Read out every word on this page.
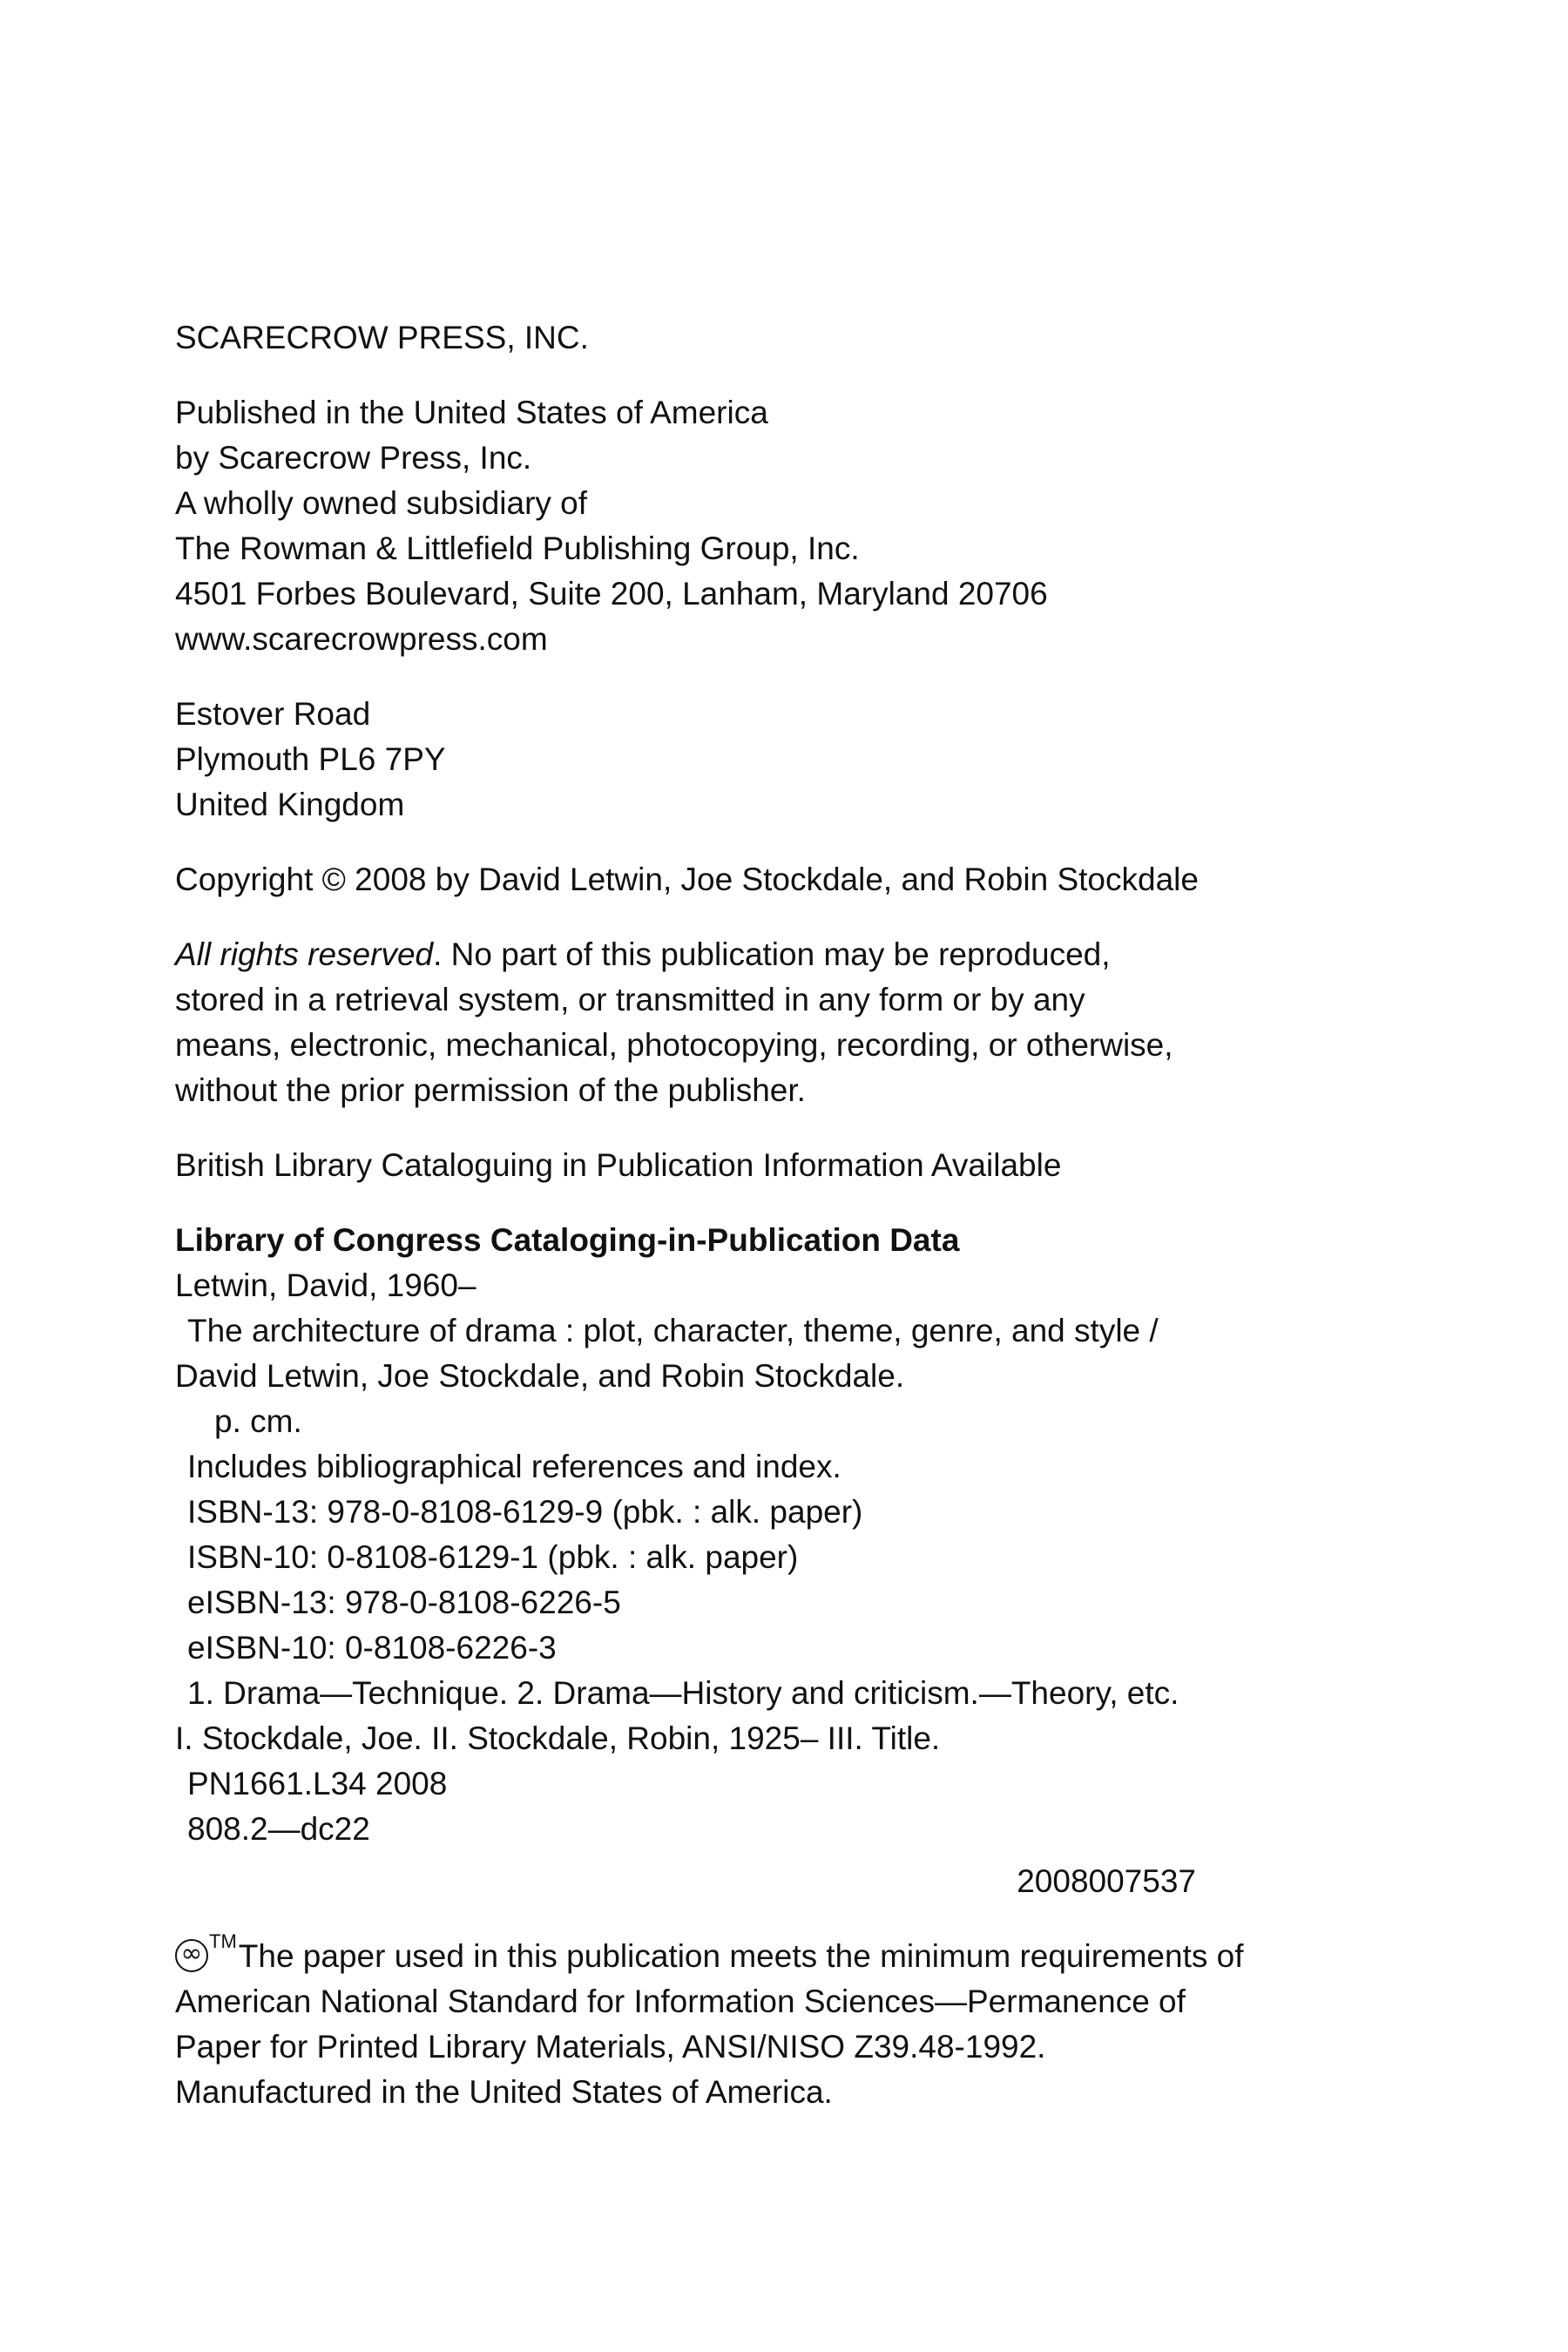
SCARECROW PRESS, INC.
Published in the United States of America
by Scarecrow Press, Inc.
A wholly owned subsidiary of
The Rowman & Littlefield Publishing Group, Inc.
4501 Forbes Boulevard, Suite 200, Lanham, Maryland 20706
www.scarecrowpress.com
Estover Road
Plymouth PL6 7PY
United Kingdom
Copyright © 2008 by David Letwin, Joe Stockdale, and Robin Stockdale
All rights reserved. No part of this publication may be reproduced,
stored in a retrieval system, or transmitted in any form or by any
means, electronic, mechanical, photocopying, recording, or otherwise,
without the prior permission of the publisher.
British Library Cataloguing in Publication Information Available
Library of Congress Cataloging-in-Publication Data
Letwin, David, 1960–
The architecture of drama : plot, character, theme, genre, and style /
David Letwin, Joe Stockdale, and Robin Stockdale.
p. cm.
Includes bibliographical references and index.
ISBN-13: 978-0-8108-6129-9 (pbk. : alk. paper)
ISBN-10: 0-8108-6129-1 (pbk. : alk. paper)
eISBN-13: 978-0-8108-6226-5
eISBN-10: 0-8108-6226-3
1. Drama—Technique. 2. Drama—History and criticism.—Theory, etc.
I. Stockdale, Joe. II. Stockdale, Robin, 1925– III. Title.
PN1661.L34 2008
808.2—dc22
2008007537
∞ ™The paper used in this publication meets the minimum requirements of
American National Standard for Information Sciences—Permanence of
Paper for Printed Library Materials, ANSI/NISO Z39.48-1992.
Manufactured in the United States of America.
